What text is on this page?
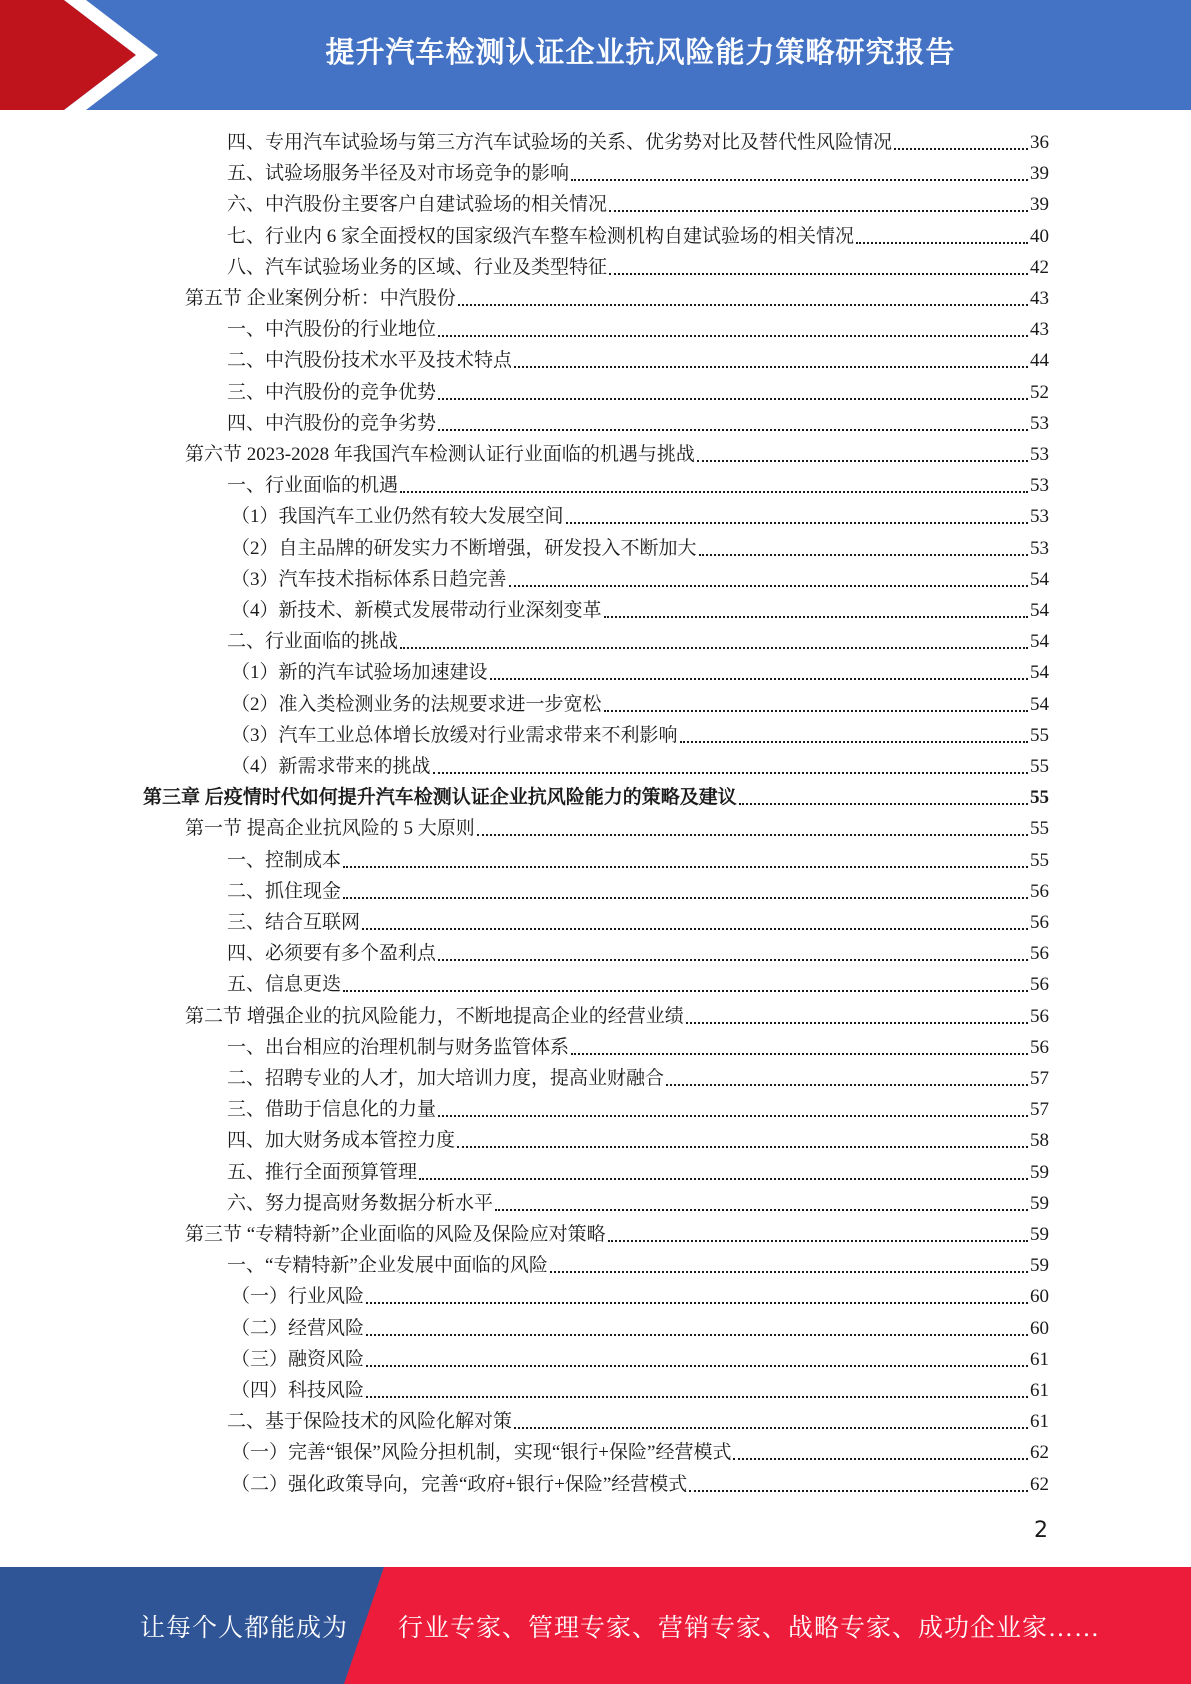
提升汽车检测认证企业抗风险能力策略研究报告
四、专用汽车试验场与第三方汽车试验场的关系、优劣势对比及替代性风险情况	36
五、试验场服务半径及对市场竞争的影响	39
六、中汽股份主要客户自建试验场的相关情况	39
七、行业内 6 家全面授权的国家级汽车整车检测机构自建试验场的相关情况	40
八、汽车试验场业务的区域、行业及类型特征	42
第五节 企业案例分析：中汽股份	43
一、中汽股份的行业地位	43
二、中汽股份技术水平及技术特点	44
三、中汽股份的竞争优势	52
四、中汽股份的竞争劣势	53
第六节 2023-2028 年我国汽车检测认证行业面临的机遇与挑战	53
一、行业面临的机遇	53
（1）我国汽车工业仍然有较大发展空间	53
（2）自主品牌的研发实力不断增强，研发投入不断加大	53
（3）汽车技术指标体系日趋完善	54
（4）新技术、新模式发展带动行业深刻变革	54
二、行业面临的挑战	54
（1）新的汽车试验场加速建设	54
（2）准入类检测业务的法规要求进一步宽松	54
（3）汽车工业总体增长放缓对行业需求带来不利影响	55
（4）新需求带来的挑战	55
第三章 后疫情时代如何提升汽车检测认证企业抗风险能力的策略及建议	55
第一节 提高企业抗风险的 5 大原则	55
一、控制成本	55
二、抓住现金	56
三、结合互联网	56
四、必须要有多个盈利点	56
五、信息更迭	56
第二节 增强企业的抗风险能力，不断地提高企业的经营业绩	56
一、出台相应的治理机制与财务监管体系	56
二、招聘专业的人才，加大培训力度，提高业财融合	57
三、借助于信息化的力量	57
四、加大财务成本管控力度	58
五、推行全面预算管理	59
六、努力提高财务数据分析水平	59
第三节 “专精特新”企业面临的风险及保险应对策略	59
一、“专精特新”企业发展中面临的风险	59
（一）行业风险	60
（二）经营风险	60
（三）融资风险	61
（四）科技风险	61
二、基于保险技术的风险化解对策	61
（一）完善“银保”风险分担机制，实现“银行+保险”经营模式	62
（二）强化政策导向，完善“政府+银行+保险”经营模式	62
2
让每个人都能成为 行业专家、管理专家、营销专家、战略专家、成功企业家……
